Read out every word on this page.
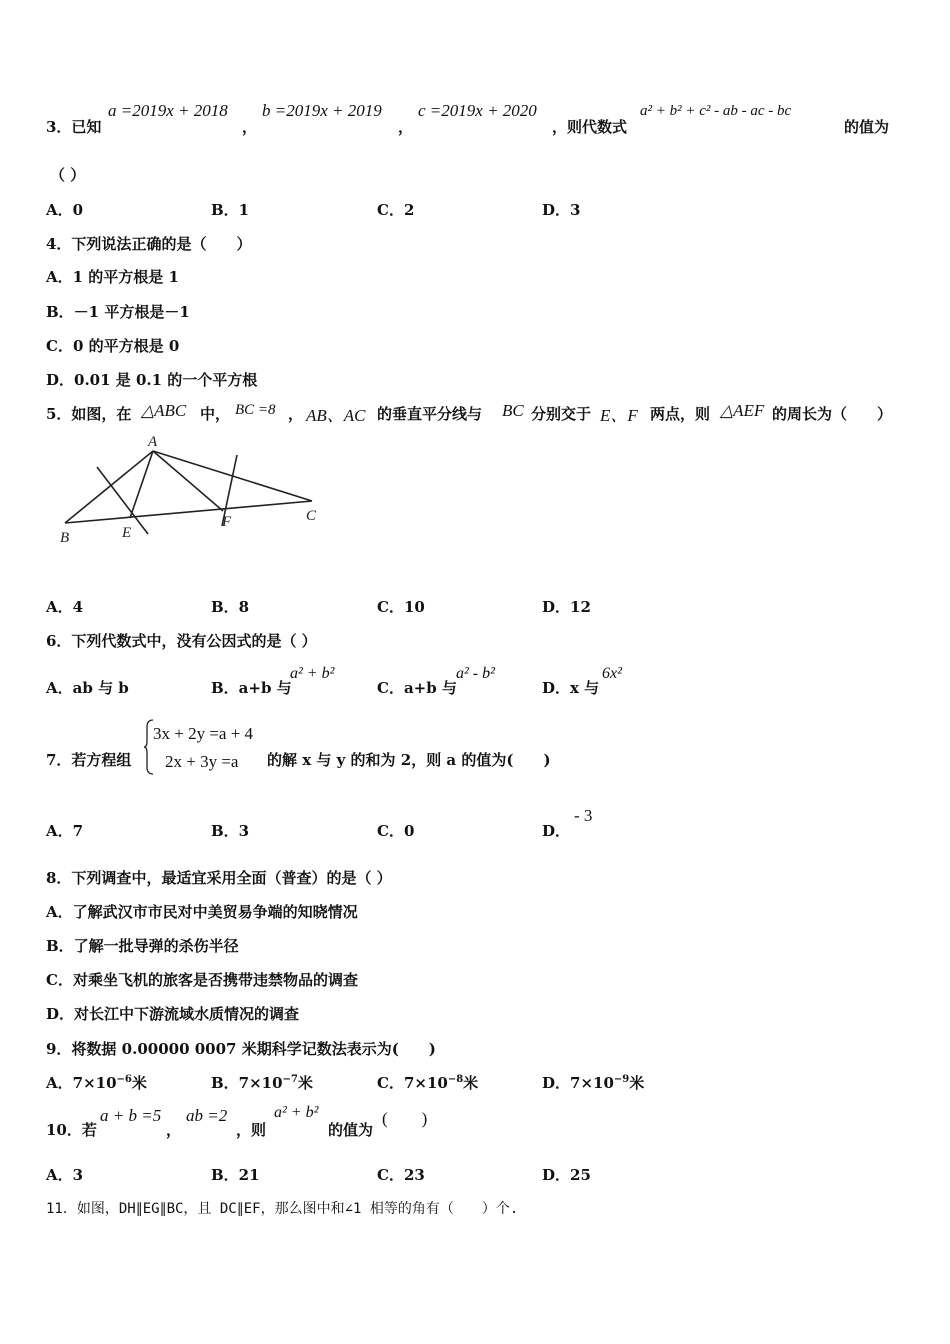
3．已知
a =2019x + 2018
，
b =2019x + 2019
，
c =2019x + 2020
，则代数式
a² + b² + c² - ab - ac - bc
的值为
（ ）
A．0	B．1	C．2	D．3
4．下列说法正确的是（　　）
A．1 的平方根是 1
B．－1 平方根是－1
C．0 的平方根是 0
D．0.01 是 0.1 的一个平方根
5．如图，在 △ABC 中， BC =8 ， AB、AC 的垂直平分线与 BC 分别交于 E、F 两点，则 △AEF 的周长为（　　）
A
B
C
E
F
A．4	B．8	C．10	D．12
6．下列代数式中，没有公因式的是（ ）
A．ab 与 b	B．a+b 与
a² + b²
C．a+b 与
a² - b²
D．x 与
6x²
7．若方程组
3x + 2y =a + 4
2x + 3y =a 的解 x 与 y 的和为 2，则 a 的值为(　　)
A．7	B．3	C．0	D．
- 3
8．下列调查中，最适宜采用全面（普查）的是（ ）
A．了解武汉市市民对中美贸易争端的知晓情况
B．了解一批导弹的杀伤半径
C．对乘坐飞机的旅客是否携带违禁物品的调查
D．对长江中下游流域水质情况的调查
9．将数据 0.00000 0007 米期科学记数法表示为(　　)
A．$7\times 10^{-6}$米	B．$7\times 10^{-7}$米	C．$7\times 10^{-8}$米	D．$7\times 10^{-9}$米
10．若
a + b =5
，
ab =2
，则
a² + b²
的值为
(　　)
A．3	B．21	C．23	D．25
11．如图，DH∥EG∥BC，且 DC∥EF，那么图中和∠1 相等的角有（　　）个.
